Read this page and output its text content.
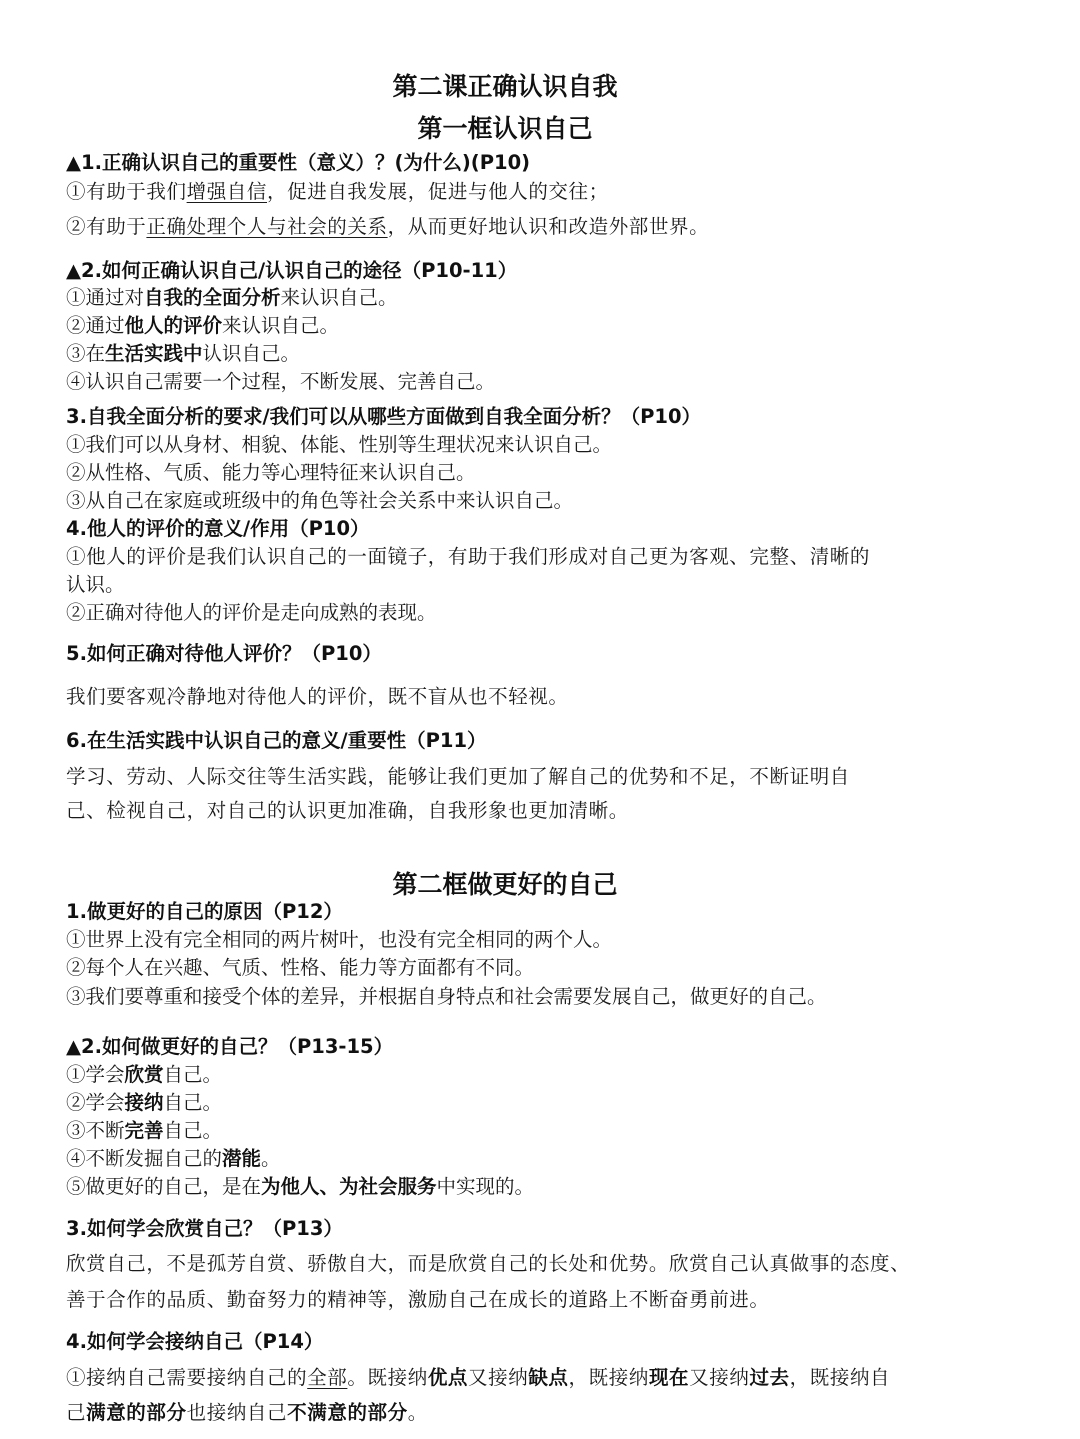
第二课正确认识自我
第一框认识自己
▲1.正确认识自己的重要性（意义）？(为什么)(P10)
①有助于我们增强自信，促进自我发展，促进与他人的交往；
②有助于正确处理个人与社会的关系，从而更好地认识和改造外部世界。
▲2.如何正确认识自己/认识自己的途径（P10-11）
①通过对自我的全面分析来认识自己。
②通过他人的评价来认识自己。
③在生活实践中认识自己。
④认识自己需要一个过程，不断发展、完善自己。
3.自我全面分析的要求/我们可以从哪些方面做到自我全面分析？（P10）
①我们可以从身材、相貌、体能、性别等生理状况来认识自己。
②从性格、气质、能力等心理特征来认识自己。
③从自己在家庭或班级中的角色等社会关系中来认识自己。
4.他人的评价的意义/作用（P10）
①他人的评价是我们认识自己的一面镜子，有助于我们形成对自己更为客观、完整、清晰的
认识。
②正确对待他人的评价是走向成熟的表现。
5.如何正确对待他人评价？（P10）
我们要客观冷静地对待他人的评价，既不盲从也不轻视。
6.在生活实践中认识自己的意义/重要性（P11）
学习、劳动、人际交往等生活实践，能够让我们更加了解自己的优势和不足，不断证明自
己、检视自己，对自己的认识更加准确，自我形象也更加清晰。
第二框做更好的自己
1.做更好的自己的原因（P12）
①世界上没有完全相同的两片树叶，也没有完全相同的两个人。
②每个人在兴趣、气质、性格、能力等方面都有不同。
③我们要尊重和接受个体的差异，并根据自身特点和社会需要发展自己，做更好的自己。
▲2.如何做更好的自己？（P13-15）
①学会欣赏自己。
②学会接纳自己。
③不断完善自己。
④不断发掘自己的潜能。
⑤做更好的自己，是在为他人、为社会服务中实现的。
3.如何学会欣赏自己？（P13）
欣赏自己，不是孤芳自赏、骄傲自大，而是欣赏自己的长处和优势。欣赏自己认真做事的态度、
善于合作的品质、勤奋努力的精神等，激励自己在成长的道路上不断奋勇前进。
4.如何学会接纳自己（P14）
①接纳自己需要接纳自己的全部。既接纳优点又接纳缺点，既接纳现在又接纳过去，既接纳自
己满意的部分也接纳自己不满意的部分。
